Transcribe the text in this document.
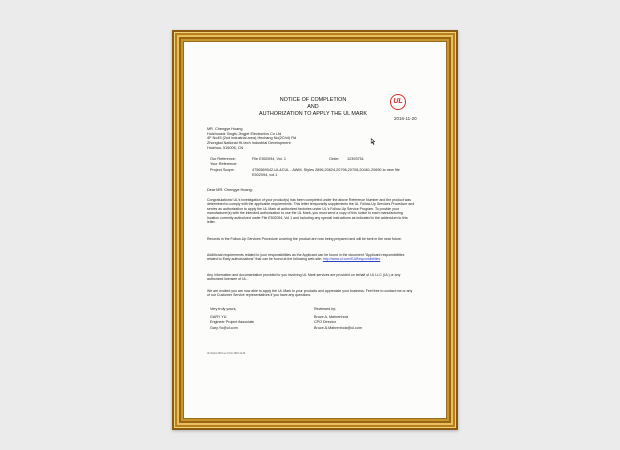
NOTICE OF COMPLETION
AND
AUTHORIZATION TO APPLY THE UL MARK
UL
2016-11-20
MR. Chengye Huang
Huizhousiz Xingfu Jingjet Electronics Co Ltd
4F No45 (2nd industrial area) Hechang No(2Ch4) Rd
Zhongkai National Hi-tech Industrial Development
Huizhou, 516006, CN
Our Reference:	File E502094, Vol. 1	Order	12393751
Your Reference:
Project Scope:	4756569042-UL&CUL - AWM, Styles 2896,20624,20796,20706,20461,20690 to new file E502094, vol.1
Dear MR. Chengye Huang:
Congratulations! UL's investigation of your product(s) has been completed under the above Reference Number and the product was determined to comply with the applicable requirements. This letter temporarily supplements the UL Follow-Up Services Procedure and serves as authorization to apply the UL Mark at authorized factories under UL's Follow-Up Service Program. To provide your manufacturer(s) with the intended authorization to use the UL Mark, you must send a copy of this notice to each manufacturing location currently authorized under File E502094, Vol 1 and including any special instructions as indicated in the addendum to this letter.
Records in the Follow-Up Services Procedure covering the product are now being prepared and will be sent in the near future.
Additional requirements related to your responsibilities as the Applicant can be found in the document "Applicant responsibilities related to Early authorizations" that can be found at the following web-site: http://www.ul.com/EAResponsibilities
Any information and documentation provided to you involving UL Mark services are provided on behalf of UL LLC (UL) or any authorized licensee of UL.
We are excited you are now able to apply the UL Mark to your products and appreciate your business. Feel free to contact me or any of our Customer Service representatives if you have any questions.
Very truly yours,
GARY YU
Engineer Project Associate
Gary.Yu@ul.com
Reviewed by:
Bruce A. Mahrenholz
CPO Director
Bruce.A.Mahrenholz@ul.com
UL Notice 0001 rev 0.0.1/ 2015-11-20
